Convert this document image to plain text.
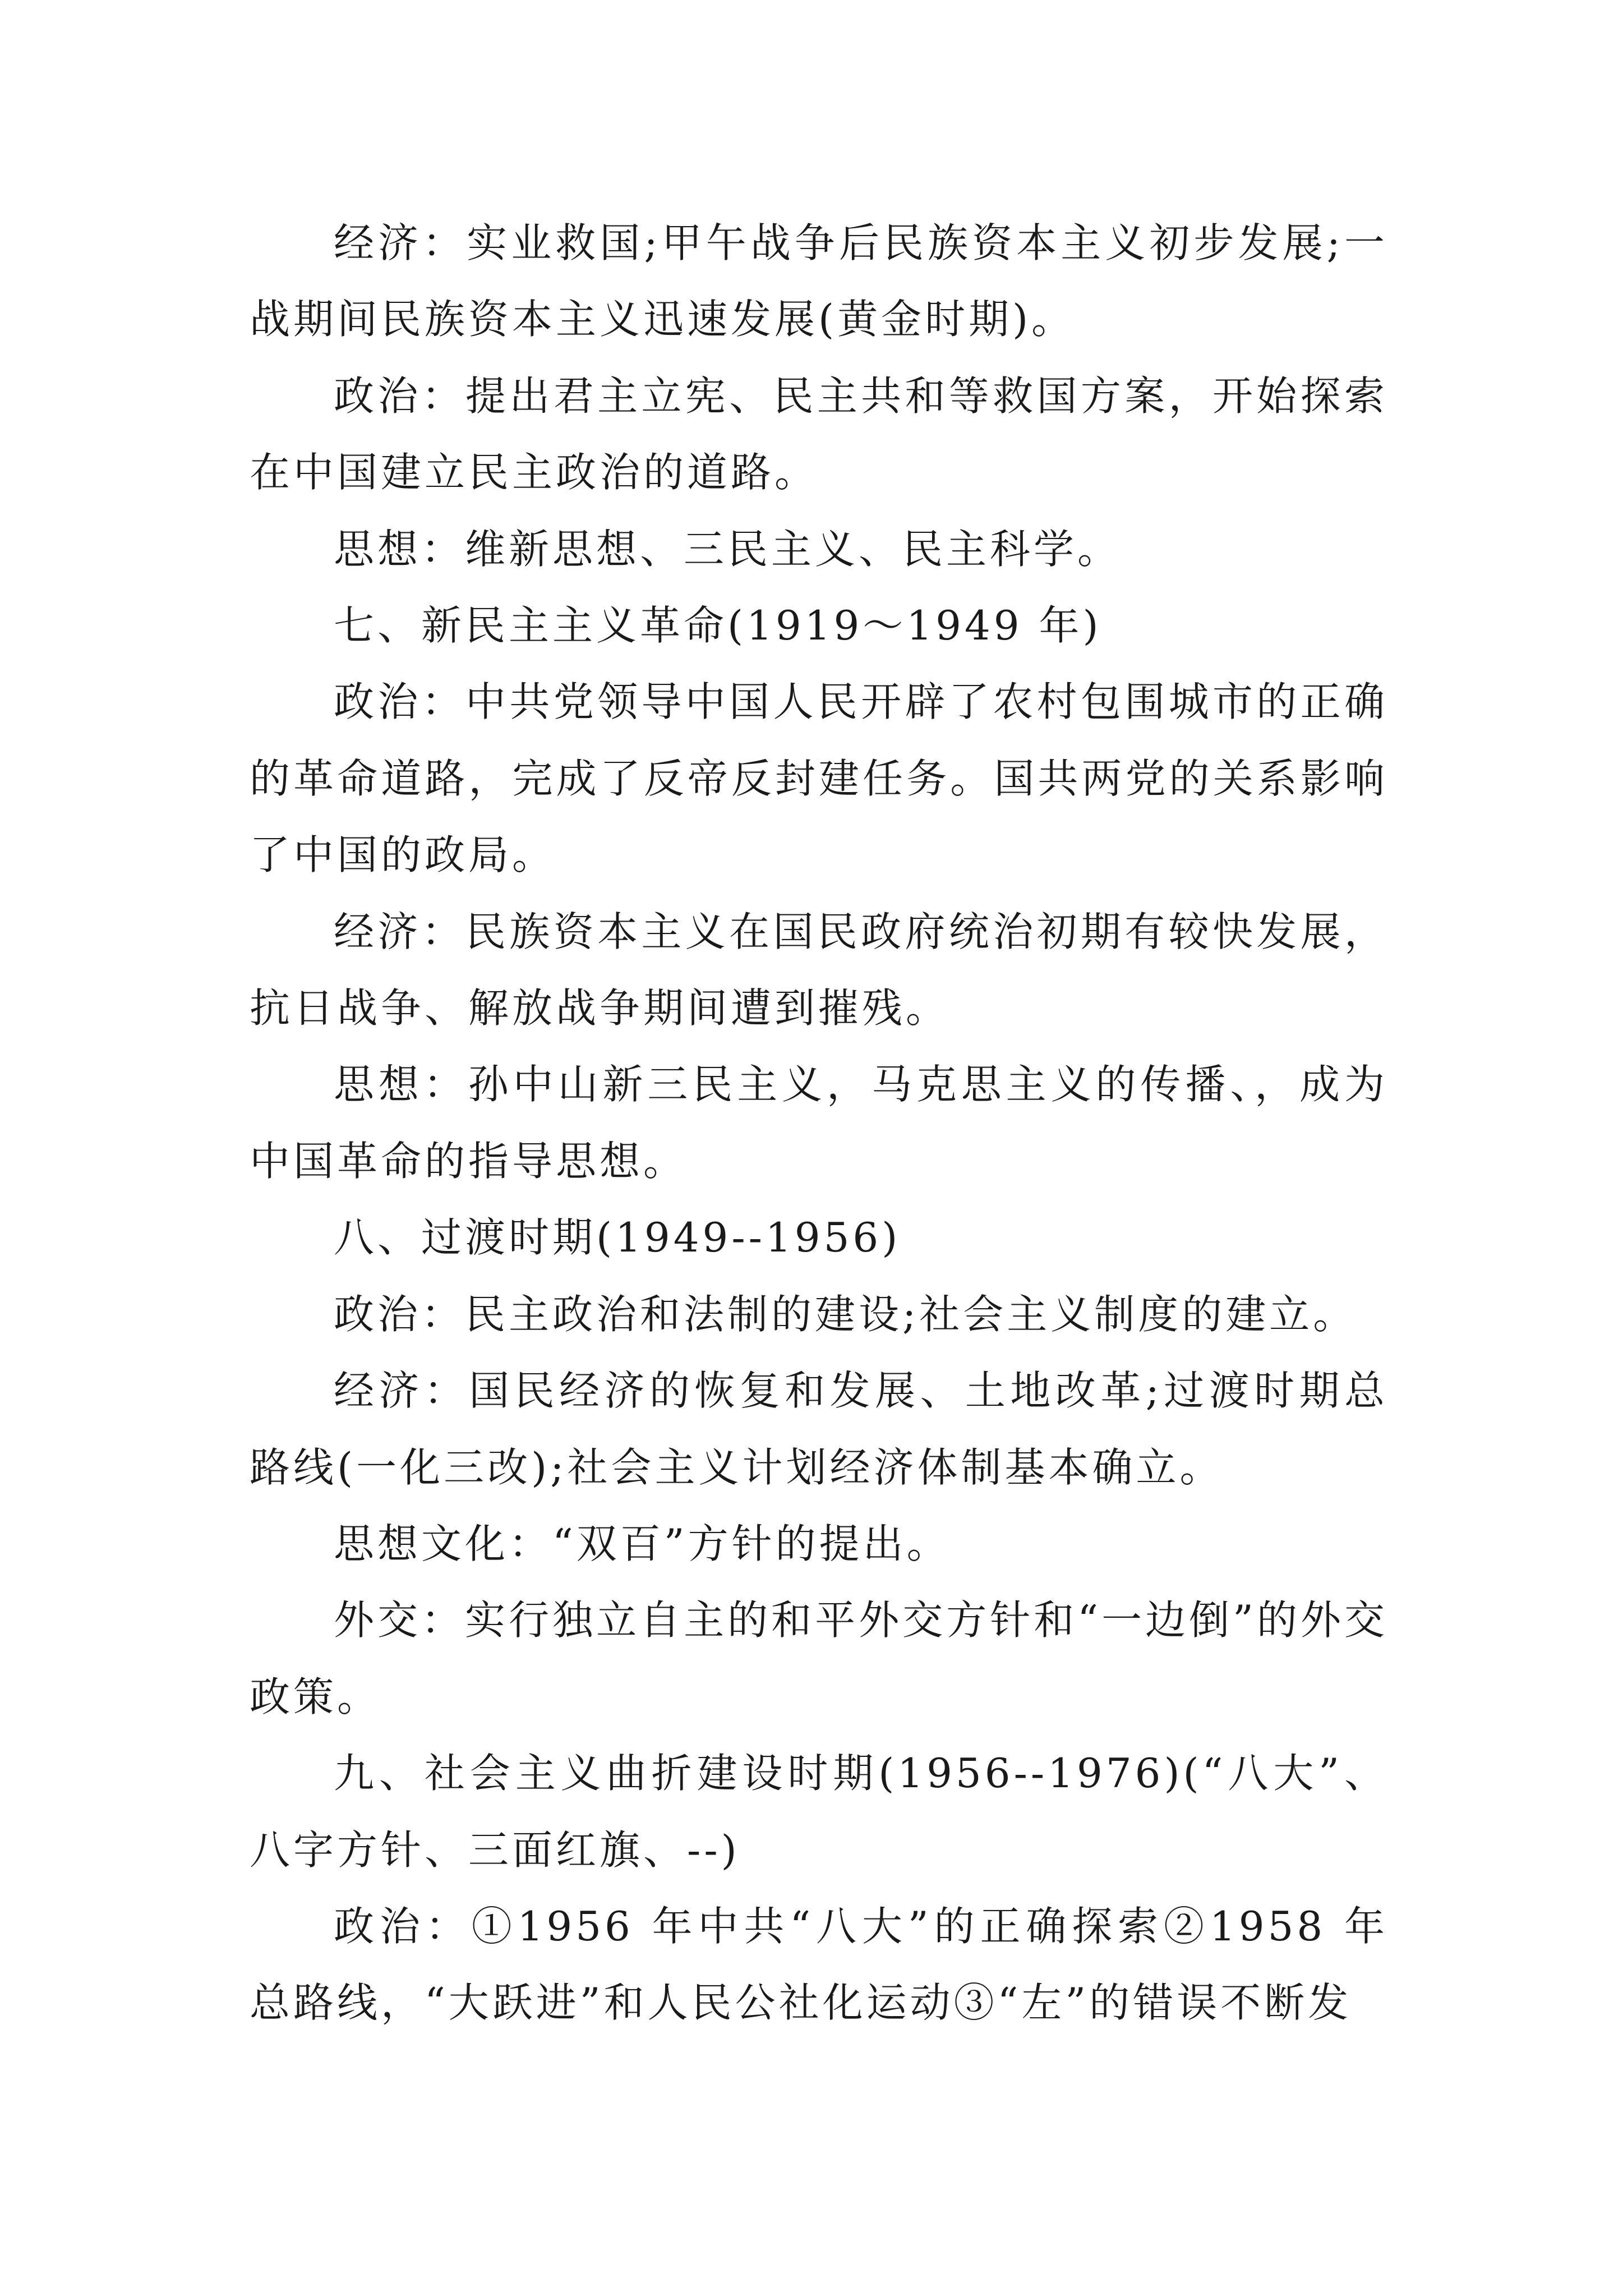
经济：实业救国;甲午战争后民族资本主义初步发展;一战期间民族资本主义迅速发展(黄金时期)。

政治：提出君主立宪、民主共和等救国方案，开始探索在中国建立民主政治的道路。

思想：维新思想、三民主义、民主科学。

七、新民主主义革命(1919～1949 年)

政治：中共党领导中国人民开辟了农村包围城市的正确的革命道路，完成了反帝反封建任务。国共两党的关系影响了中国的政局。

经济：民族资本主义在国民政府统治初期有较快发展，抗日战争、解放战争期间遭到摧残。

思想：孙中山新三民主义，马克思主义的传播、，成为中国革命的指导思想。

八、过渡时期(1949--1956)

政治：民主政治和法制的建设;社会主义制度的建立。

经济：国民经济的恢复和发展、土地改革;过渡时期总路线(一化三改);社会主义计划经济体制基本确立。

思想文化：“双百”方针的提出。

外交：实行独立自主的和平外交方针和“一边倒”的外交政策。

九、社会主义曲折建设时期(1956--1976)(“八大”、八字方针、三面红旗、--)

政治：①1956 年中共“八大”的正确探索②1958 年总路线，“大跃进”和人民公社化运动③“左”的错误不断发
